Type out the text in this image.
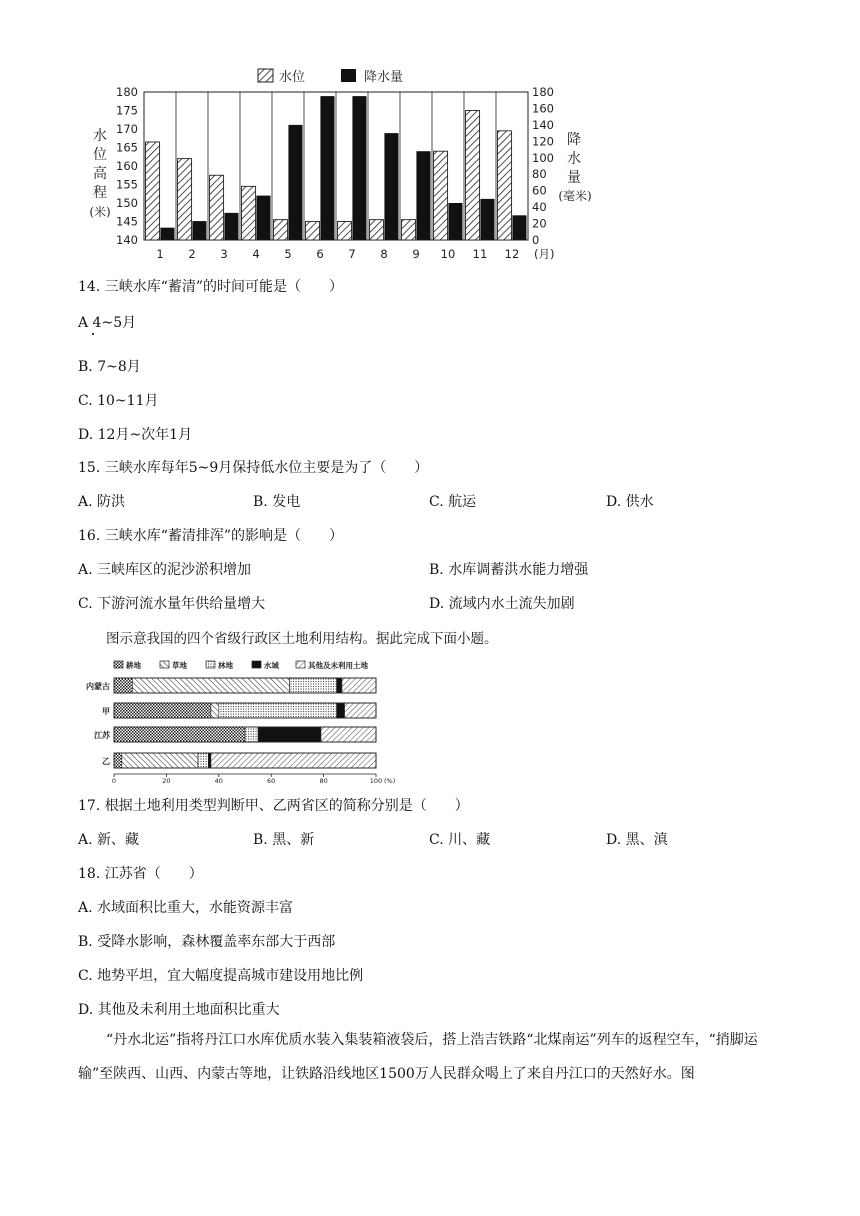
水位	降水量
1 2 3 4 5 6 7 8 9 10 11 12 (月)
140
145
150
155
160
165
170
175
180
0
20
40
60
80
100
120
140
160
180
水
位
高
程
(米)
降
水
量
(毫米)
14. 三峡水库“蓄清”的时间可能是（　　）
A 4~5月
B. 7~8月
C. 10~11月
D. 12月~次年1月
15. 三峡水库每年5~9月保持低水位主要是为了（　　）
A. 防洪	B. 发电	C. 航运	D. 供水
16. 三峡水库“蓄清排浑”的影响是（　　）
A. 三峡库区的泥沙淤积增加	B. 水库调蓄洪水能力增强
C. 下游河流水量年供给量增大	D. 流域内水土流失加剧
图示意我国的四个省级行政区土地利用结构。据此完成下面小题。
耕地	草地	林地	水域	其他及未利用土地
内蒙古
甲
江苏
乙
0	20	40	60	80	100 (%)
17. 根据土地利用类型判断甲、乙两省区的简称分别是（　　）
A. 新、藏	B. 黑、新	C. 川、藏	D. 黑、滇
18. 江苏省（　　）
A. 水域面积比重大，水能资源丰富
B. 受降水影响，森林覆盖率东部大于西部
C. 地势平坦，宜大幅度提高城市建设用地比例
D. 其他及未利用土地面积比重大
“丹水北运”指将丹江口水库优质水装入集装箱液袋后，搭上浩吉铁路“北煤南运”列车的返程空车，“捎脚运输”至陕西、山西、内蒙古等地，让铁路沿线地区1500万人民群众喝上了来自丹江口的天然好水。图
